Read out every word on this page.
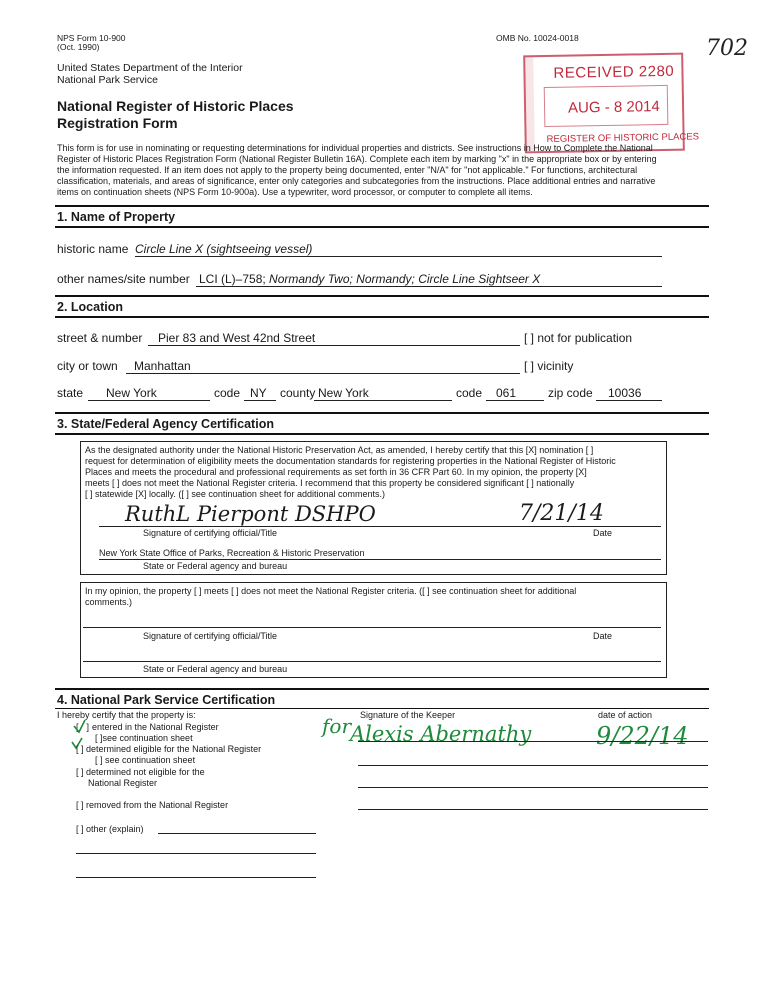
NPS Form 10-900
(Oct. 1990)
OMB No. 10024-0018	702
United States Department of the Interior
National Park Service
National Register of Historic Places
Registration Form
RECEIVED 2280
AUG - 8 2014
REGISTER OF HISTORIC PLACES
This form is for use in nominating or requesting determinations for individual properties and districts. See instructions in How to Complete the National
Register of Historic Places Registration Form (National Register Bulletin 16A). Complete each item by marking "x" in the appropriate box or by entering
the information requested. If an item does not apply to the property being documented, enter "N/A" for "not applicable." For functions, architectural
classification, materials, and areas of significance, enter only categories and subcategories from the instructions. Place additional entries and narrative
items on continuation sheets (NPS Form 10-900a). Use a typewriter, word processor, or computer to complete all items.
1. Name of Property
historic name Circle Line X (sightseeing vessel)
other names/site number LCI (L)–758; Normandy Two; Normandy; Circle Line Sightseer X
2. Location
street & number Pier 83 and West 42nd Street	[ ] not for publication
city or town Manhattan	[ ] vicinity
state New York	code NY county New York	code 061	zip code 10036
3. State/Federal Agency Certification
As the designated authority under the National Historic Preservation Act, as amended, I hereby certify that this [X] nomination [ ]
request for determination of eligibility meets the documentation standards for registering properties in the National Register of Historic
Places and meets the procedural and professional requirements as set forth in 36 CFR Part 60. In my opinion, the property [X]
meets [ ] does not meet the National Register criteria. I recommend that this property be considered significant [ ] nationally
[ ] statewide [X] locally. ([ ] see continuation sheet for additional comments.)
RuthL Pierpont DSHPO	7/21/14
Signature of certifying official/Title	Date
New York State Office of Parks, Recreation & Historic Preservation
State or Federal agency and bureau
In my opinion, the property [ ] meets [ ] does not meet the National Register criteria. ([ ] see continuation sheet for additional
comments.)
Signature of certifying official/Title	Date
State or Federal agency and bureau
4. National Park Service Certification
I hereby certify that the property is:
[ ] entered in the National Register
[ ]see continuation sheet
[ ] determined eligible for the National Register
[ ] see continuation sheet
[ ] determined not eligible for the
National Register
[ ] removed from the National Register
[ ] other (explain)
Signature of the Keeper	date of action
for
Alexis Abernathy	9/22/14
